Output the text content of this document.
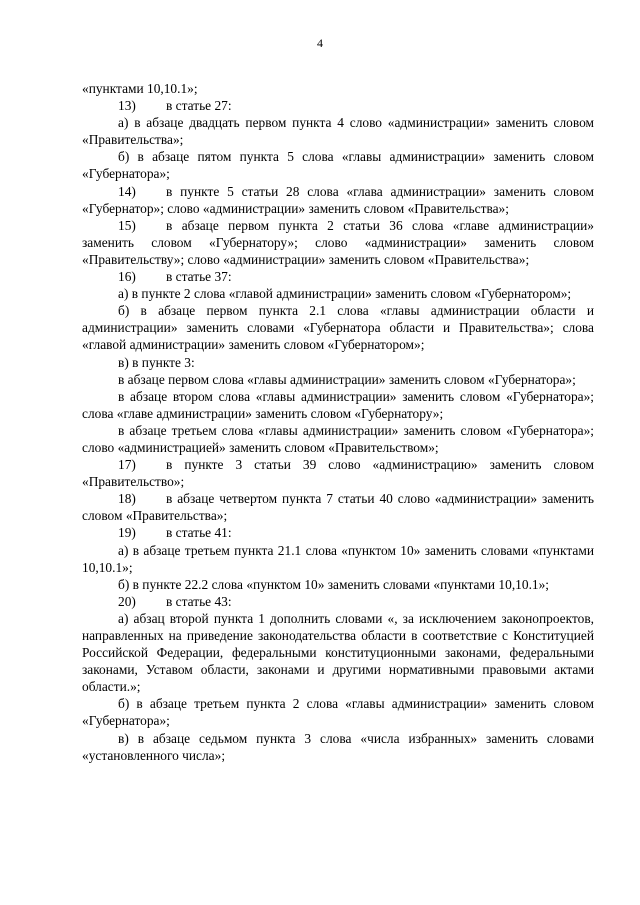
4

«пунктами 10,10.1»;

13) в статье 27:

а) в абзаце двадцать первом пункта 4 слово «администрации» заменить словом «Правительства»;

б) в абзаце пятом пункта 5 слова «главы администрации» заменить словом «Губернатора»;

14) в пункте 5 статьи 28 слова «глава администрации» заменить словом «Губернатор»; слово «администрации» заменить словом «Правительства»;

15) в абзаце первом пункта 2 статьи 36 слова «главе администрации» заменить словом «Губернатору»; слово «администрации» заменить словом «Правительству»; слово «администрации» заменить словом «Правительства»;

16) в статье 37:

а) в пункте 2 слова «главой администрации» заменить словом «Губернатором»;

б) в абзаце первом пункта 2.1 слова «главы администрации области и администрации» заменить словами «Губернатора области и Правительства»; слова «главой администрации» заменить словом «Губернатором»;

в) в пункте 3:

в абзаце первом слова «главы администрации» заменить словом «Губернатора»;

в абзаце втором слова «главы администрации» заменить словом «Губернатора»; слова «главе администрации» заменить словом «Губернатору»;

в абзаце третьем слова «главы администрации» заменить словом «Губернатора»; слово «администрацией» заменить словом «Правительством»;

17) в пункте 3 статьи 39 слово «администрацию» заменить словом «Правительство»;

18) в абзаце четвертом пункта 7 статьи 40 слово «администрации» заменить словом «Правительства»;

19) в статье 41:

а) в абзаце третьем пункта 21.1 слова «пунктом 10» заменить словами «пунктами 10,10.1»;

б) в пункте 22.2 слова «пунктом 10» заменить словами «пунктами 10,10.1»;

20) в статье 43:

а) абзац второй пункта 1 дополнить словами «, за исключением законопроектов, направленных на приведение законодательства области в соответствие с Конституцией Российской Федерации, федеральными конституционными законами, федеральными законами, Уставом области, законами и другими нормативными правовыми актами области.»;

б) в абзаце третьем пункта 2 слова «главы администрации» заменить словом «Губернатора»;

в) в абзаце седьмом пункта 3 слова «числа избранных» заменить словами «установленного числа»;
